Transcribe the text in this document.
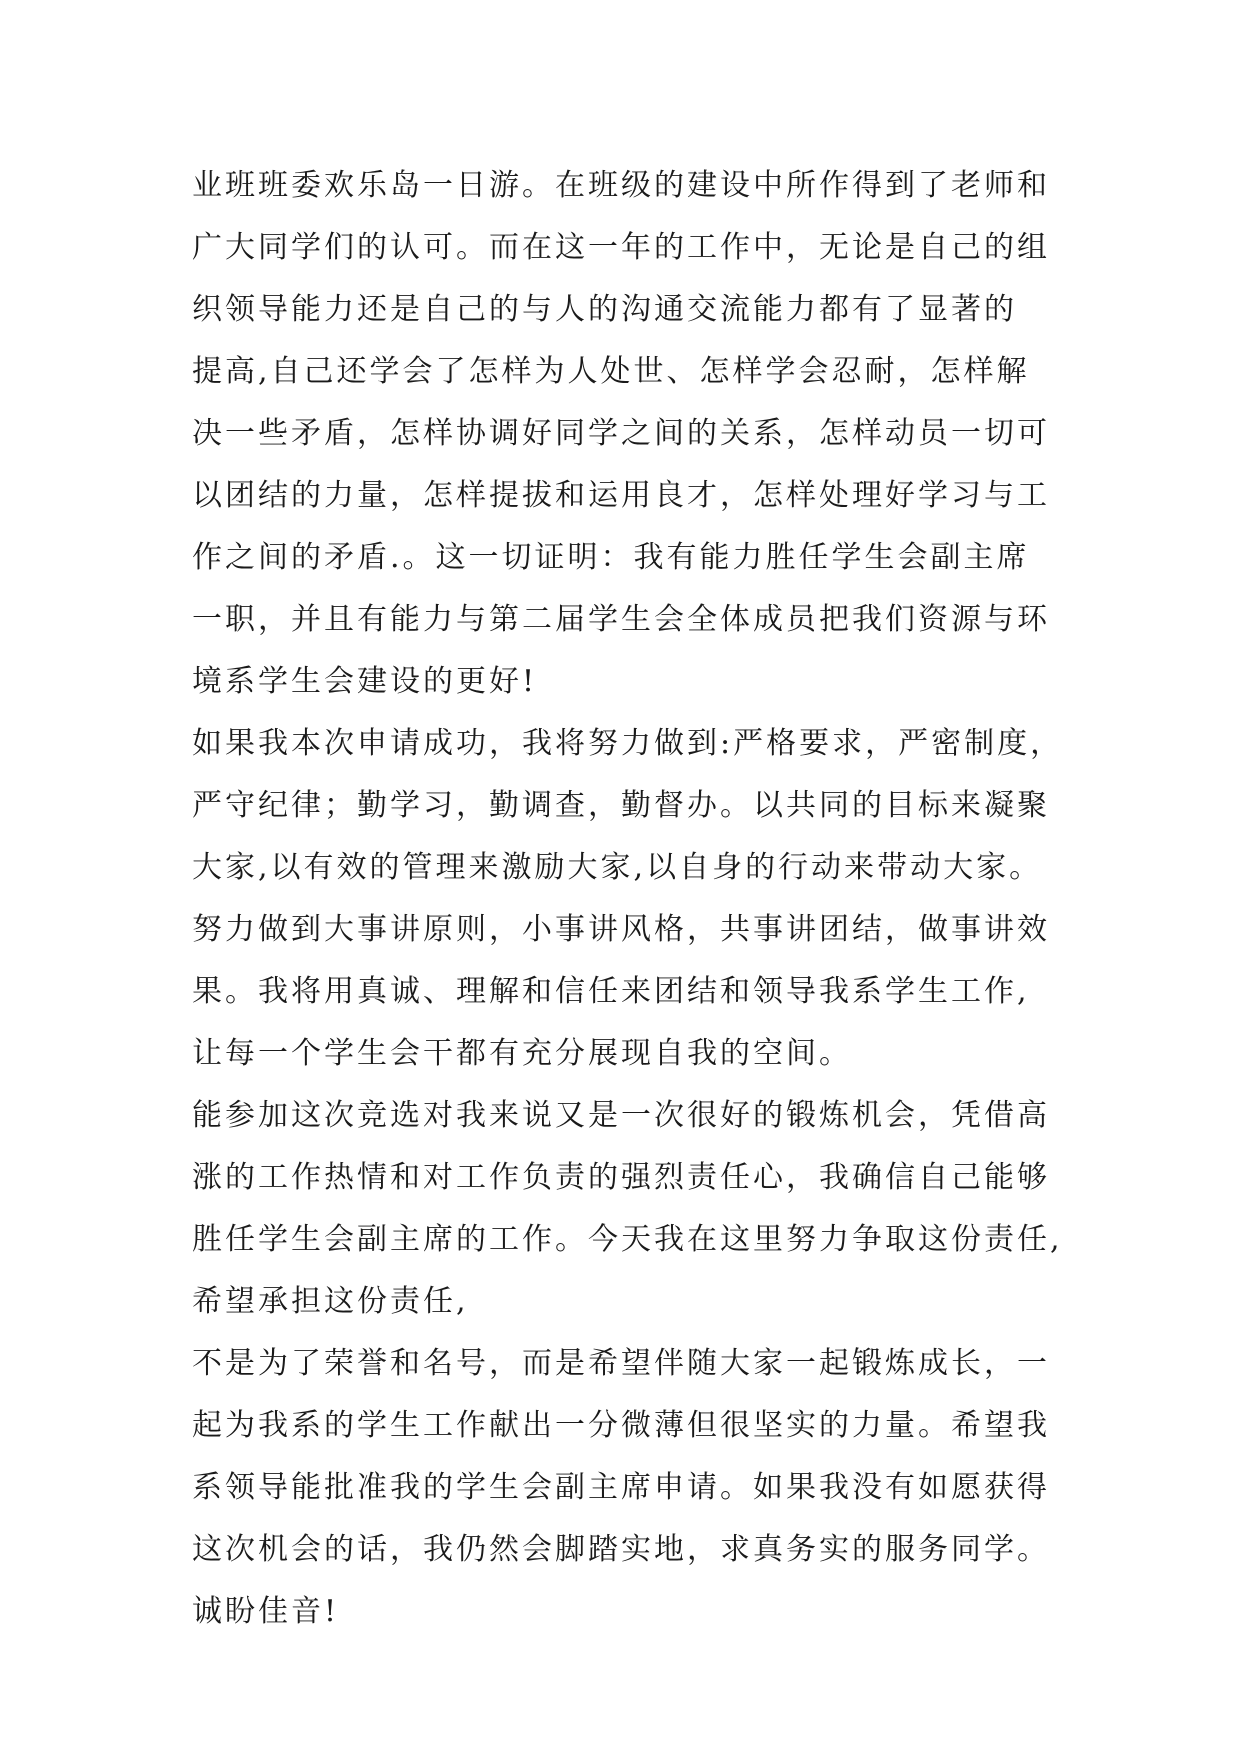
业班班委欢乐岛一日游。在班级的建设中所作得到了老师和
广大同学们的认可。而在这一年的工作中，无论是自己的组
织领导能力还是自己的与人的沟通交流能力都有了显著的
提高,自己还学会了怎样为人处世、怎样学会忍耐，怎样解
决一些矛盾，怎样协调好同学之间的关系，怎样动员一切可
以团结的力量，怎样提拔和运用良才，怎样处理好学习与工
作之间的矛盾.。这一切证明：我有能力胜任学生会副主席
一职，并且有能力与第二届学生会全体成员把我们资源与环
境系学生会建设的更好!
如果我本次申请成功，我将努力做到:严格要求，严密制度，
严守纪律；勤学习，勤调查，勤督办。以共同的目标来凝聚
大家,以有效的管理来激励大家,以自身的行动来带动大家。
努力做到大事讲原则，小事讲风格，共事讲团结，做事讲效
果。我将用真诚、理解和信任来团结和领导我系学生工作,
让每一个学生会干都有充分展现自我的空间。
能参加这次竞选对我来说又是一次很好的锻炼机会，凭借高
涨的工作热情和对工作负责的强烈责任心，我确信自己能够
胜任学生会副主席的工作。今天我在这里努力争取这份责任,
希望承担这份责任,
不是为了荣誉和名号，而是希望伴随大家一起锻炼成长，一
起为我系的学生工作献出一分微薄但很坚实的力量。希望我
系领导能批准我的学生会副主席申请。如果我没有如愿获得
这次机会的话，我仍然会脚踏实地，求真务实的服务同学。
诚盼佳音!
